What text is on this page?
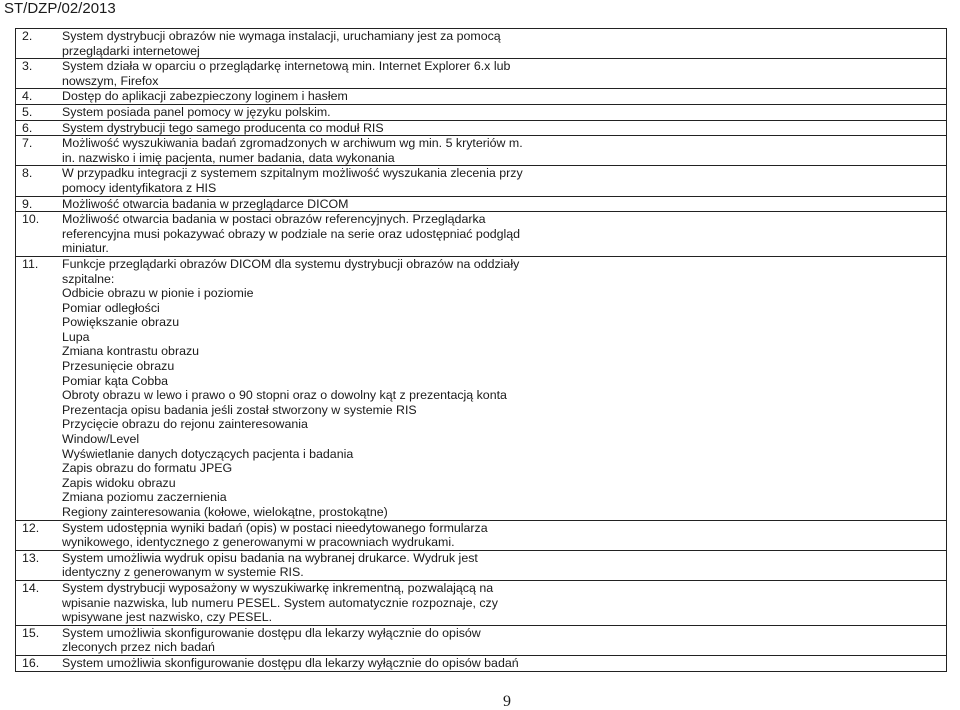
ST/DZP/02/2013
2.	System dystrybucji obrazów nie wymaga instalacji, uruchamiany jest za pomocą
przeglądarki internetowej
3.	System działa w oparciu o przeglądarkę internetową min. Internet Explorer 6.x lub
nowszym, Firefox
4.	Dostęp do aplikacji zabezpieczony loginem i hasłem
5.	System posiada panel pomocy w języku polskim.
6.	System dystrybucji tego samego producenta co moduł RIS
7.	Możliwość wyszukiwania badań zgromadzonych w archiwum wg min. 5 kryteriów m.
in. nazwisko i imię pacjenta, numer badania, data wykonania
8.	W przypadku integracji z systemem szpitalnym możliwość wyszukania zlecenia przy
pomocy identyfikatora z HIS
9.	Możliwość otwarcia badania w przeglądarce DICOM
10.	Możliwość otwarcia badania w postaci obrazów referencyjnych. Przeglądarka
referencyjna musi pokazywać obrazy w podziale na serie oraz udostępniać podgląd
miniatur.
11.	Funkcje przeglądarki obrazów DICOM dla systemu dystrybucji obrazów na oddziały
szpitalne:
Odbicie obrazu w pionie i poziomie
Pomiar odległości
Powiększanie obrazu
Lupa
Zmiana kontrastu obrazu
Przesunięcie obrazu
Pomiar kąta Cobba
Obroty obrazu w lewo i prawo o 90 stopni oraz o dowolny kąt z prezentacją konta
Prezentacja opisu badania jeśli został stworzony w systemie RIS
Przycięcie obrazu do rejonu zainteresowania
Window/Level
Wyświetlanie danych dotyczących pacjenta i badania
Zapis obrazu do formatu JPEG
Zapis widoku obrazu
Zmiana poziomu zaczernienia
Regiony zainteresowania (kołowe, wielokątne, prostokątne)
12.	System udostępnia wyniki badań (opis) w postaci nieedytowanego formularza
wynikowego, identycznego z generowanymi w pracowniach wydrukami.
13.	System umożliwia wydruk opisu badania na wybranej drukarce. Wydruk jest
identyczny z generowanym w systemie RIS.
14.	System dystrybucji wyposażony w wyszukiwarkę inkrementną, pozwalającą na
wpisanie nazwiska, lub numeru PESEL. System automatycznie rozpoznaje, czy
wpisywane jest nazwisko, czy PESEL.
15.	System umożliwia skonfigurowanie dostępu dla lekarzy wyłącznie do opisów
zleconych przez nich badań
16.	System umożliwia skonfigurowanie dostępu dla lekarzy wyłącznie do opisów badań
9
